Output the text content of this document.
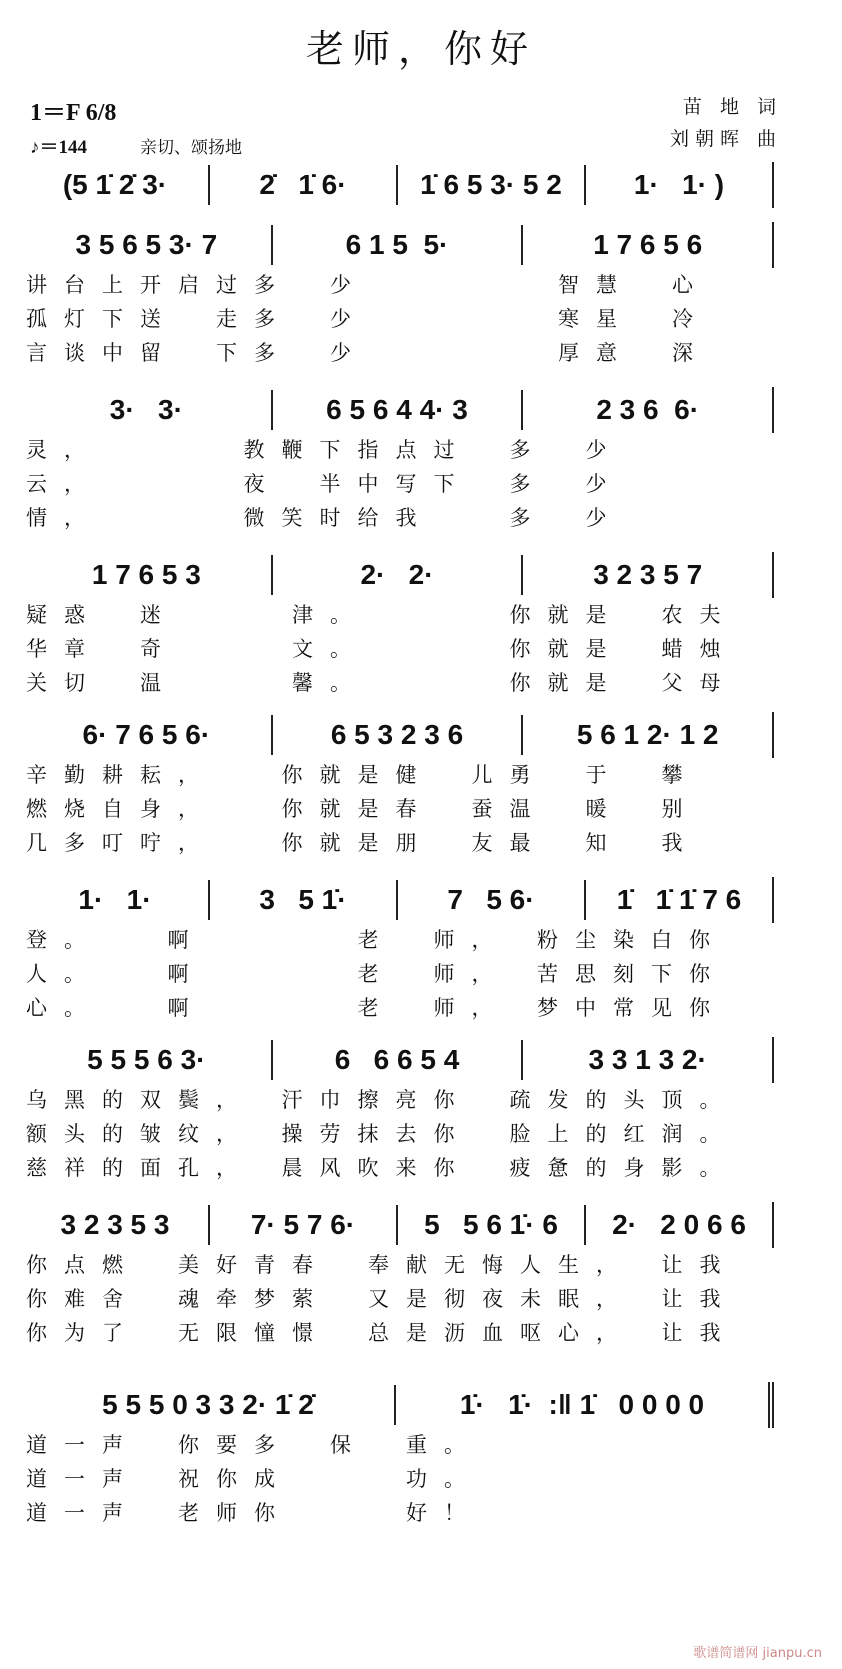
老师，你好
1＝F 6/8
♪＝144	亲切、颂扬地
苗 地 词
刘朝晖 曲
(5 1̇ 2̇ 3·	2̇   1̇ 6·	1̇ 6 5 3· 5 2	1·   1· )
3 5 6 5 3· 7	6 1 5  5·	1 7 6 5 6
讲台上开启过多　少　　　　　智慧　心
孤灯下送　走多　少　　　　　寒星　冷
言谈中留　下多　少　　　　　厚意　深
3·   3·	6 5 6 4 4· 3	2 3 6  6·
灵，　　　　教鞭下指点过　多　少
云，　　　　夜　半中写下　多　少
情，　　　　微笑时给我　　多　少
1 7 6 5 3	2·   2·	3 2 3 5 7
疑惑　迷　　　津。　　　　你就是　农夫
华章　奇　　　文。　　　　你就是　蜡烛
关切　温　　　馨。　　　　你就是　父母
6· 7 6 5 6·	6 5 3 2 3 6	5 6 1 2· 1 2
辛勤耕耘，　　你就是健　儿勇　于　攀
燃烧自身，　　你就是春　蚕温　暖　别
几多叮咛，　　你就是朋　友最　知　我
1·   1·	3   5 1̇·	7   5 6·	1̇   1̇ 1̇ 7 6
登。　　啊　　　　老　师，　粉尘染白你
人。　　啊　　　　老　师，　苦思刻下你
心。　　啊　　　　老　师，　梦中常见你
5 5 5 6 3·	6   6 6 5 4	3 3 1 3 2·
乌黑的双鬓，　汗巾擦亮你　疏发的头顶。
额头的皱纹，　操劳抹去你　脸上的红润。
慈祥的面孔，　晨风吹来你　疲惫的身影。
3 2 3 5 3	7· 5 7 6·	5   5 6 1̇· 6	2·   2 0 6 6
你点燃　美好青春　奉献无悔人生，　让我
你难舍　魂牵梦萦　又是彻夜未眠，　让我
你为了　无限憧憬　总是沥血呕心，　让我
5 5 5 0 3 3 2· 1̇ 2̇	1̇·   1̇·  :‖ 1̇   0 0 0 0
道一声　你要多　保　重。
道一声　祝你成　　　功。
道一声　老师你　　　好！
歌谱简谱网 jianpu.cn
